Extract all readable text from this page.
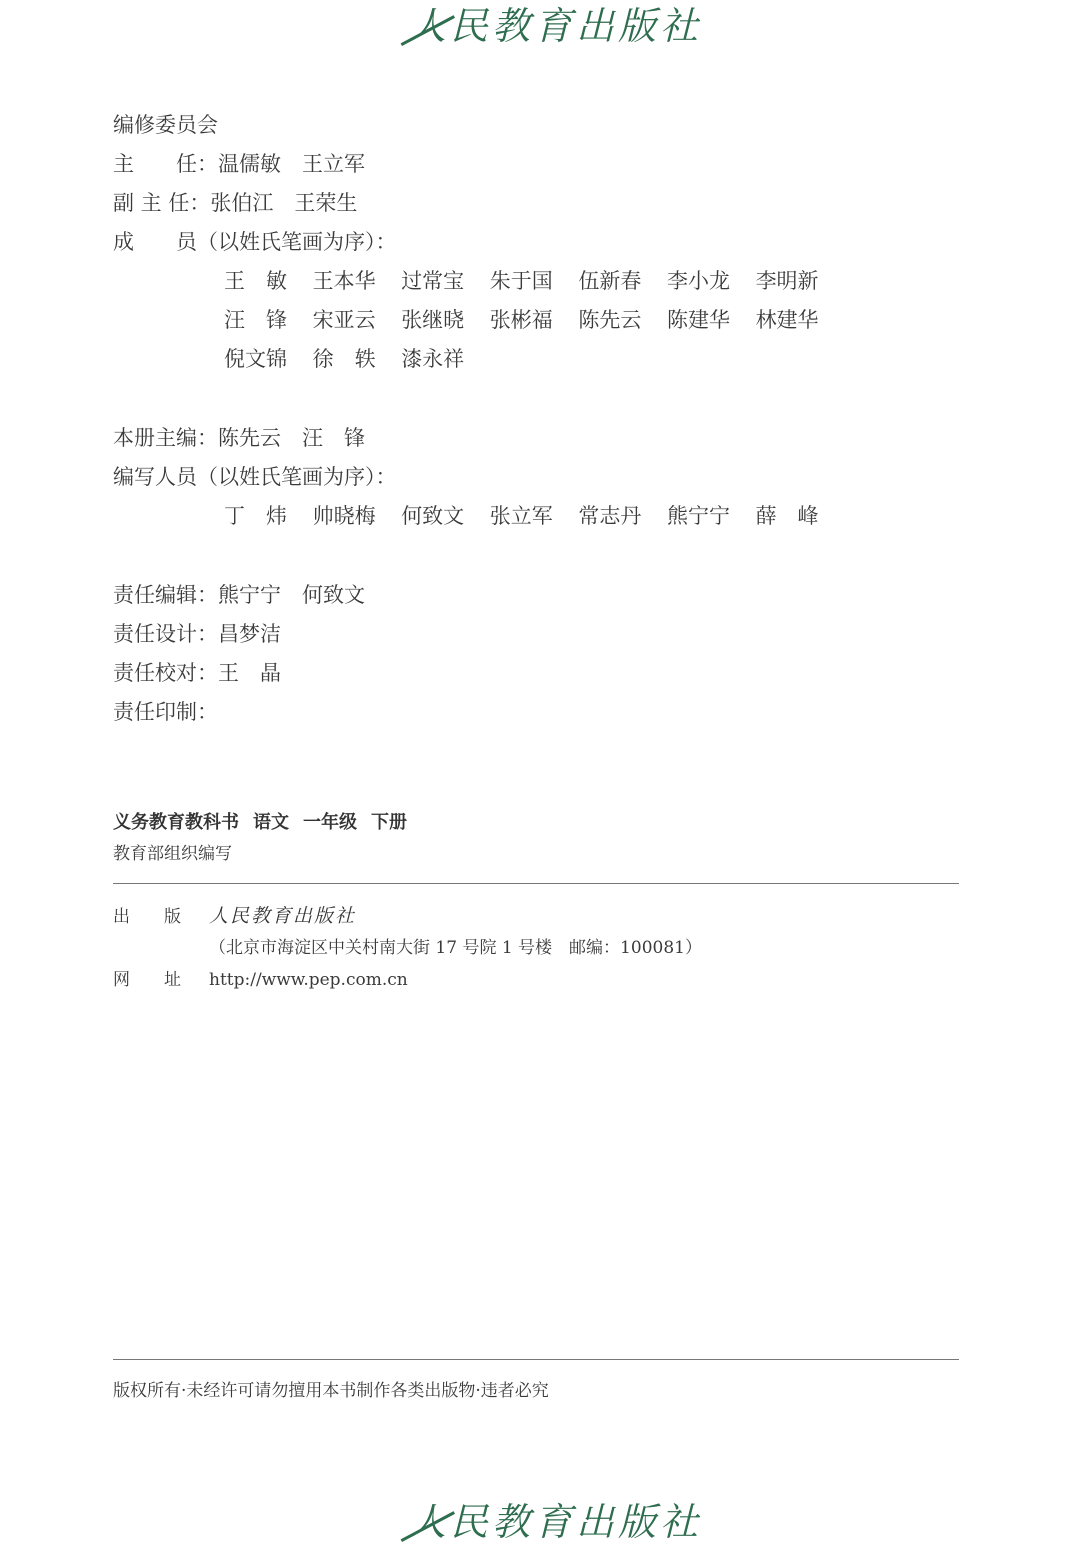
人民教育出版社
编修委员会
主　　任：温儒敏　王立军
副 主 任：张伯江　王荣生
成　　员（以姓氏笔画为序）：
王　敏 王本华 过常宝 朱于国 伍新春 李小龙 李明新
汪　锋 宋亚云 张继晓 张彬福 陈先云 陈建华 林建华
倪文锦 徐　轶 漆永祥
本册主编：陈先云　汪　锋
编写人员（以姓氏笔画为序）：
丁　炜 帅晓梅 何致文 张立军 常志丹 熊宁宁 薛　峰
责任编辑：熊宁宁　何致文
责任设计：昌梦洁
责任校对：王　晶
责任印制：
义务教育教科书 语文 一年级 下册
教育部组织编写
出　　版 人民教育出版社
（北京市海淀区中关村南大街 17 号院 1 号楼　邮编：100081）
网　　址 http://www.pep.com.cn
版权所有·未经许可请勿擅用本书制作各类出版物·违者必究
人民教育出版社
